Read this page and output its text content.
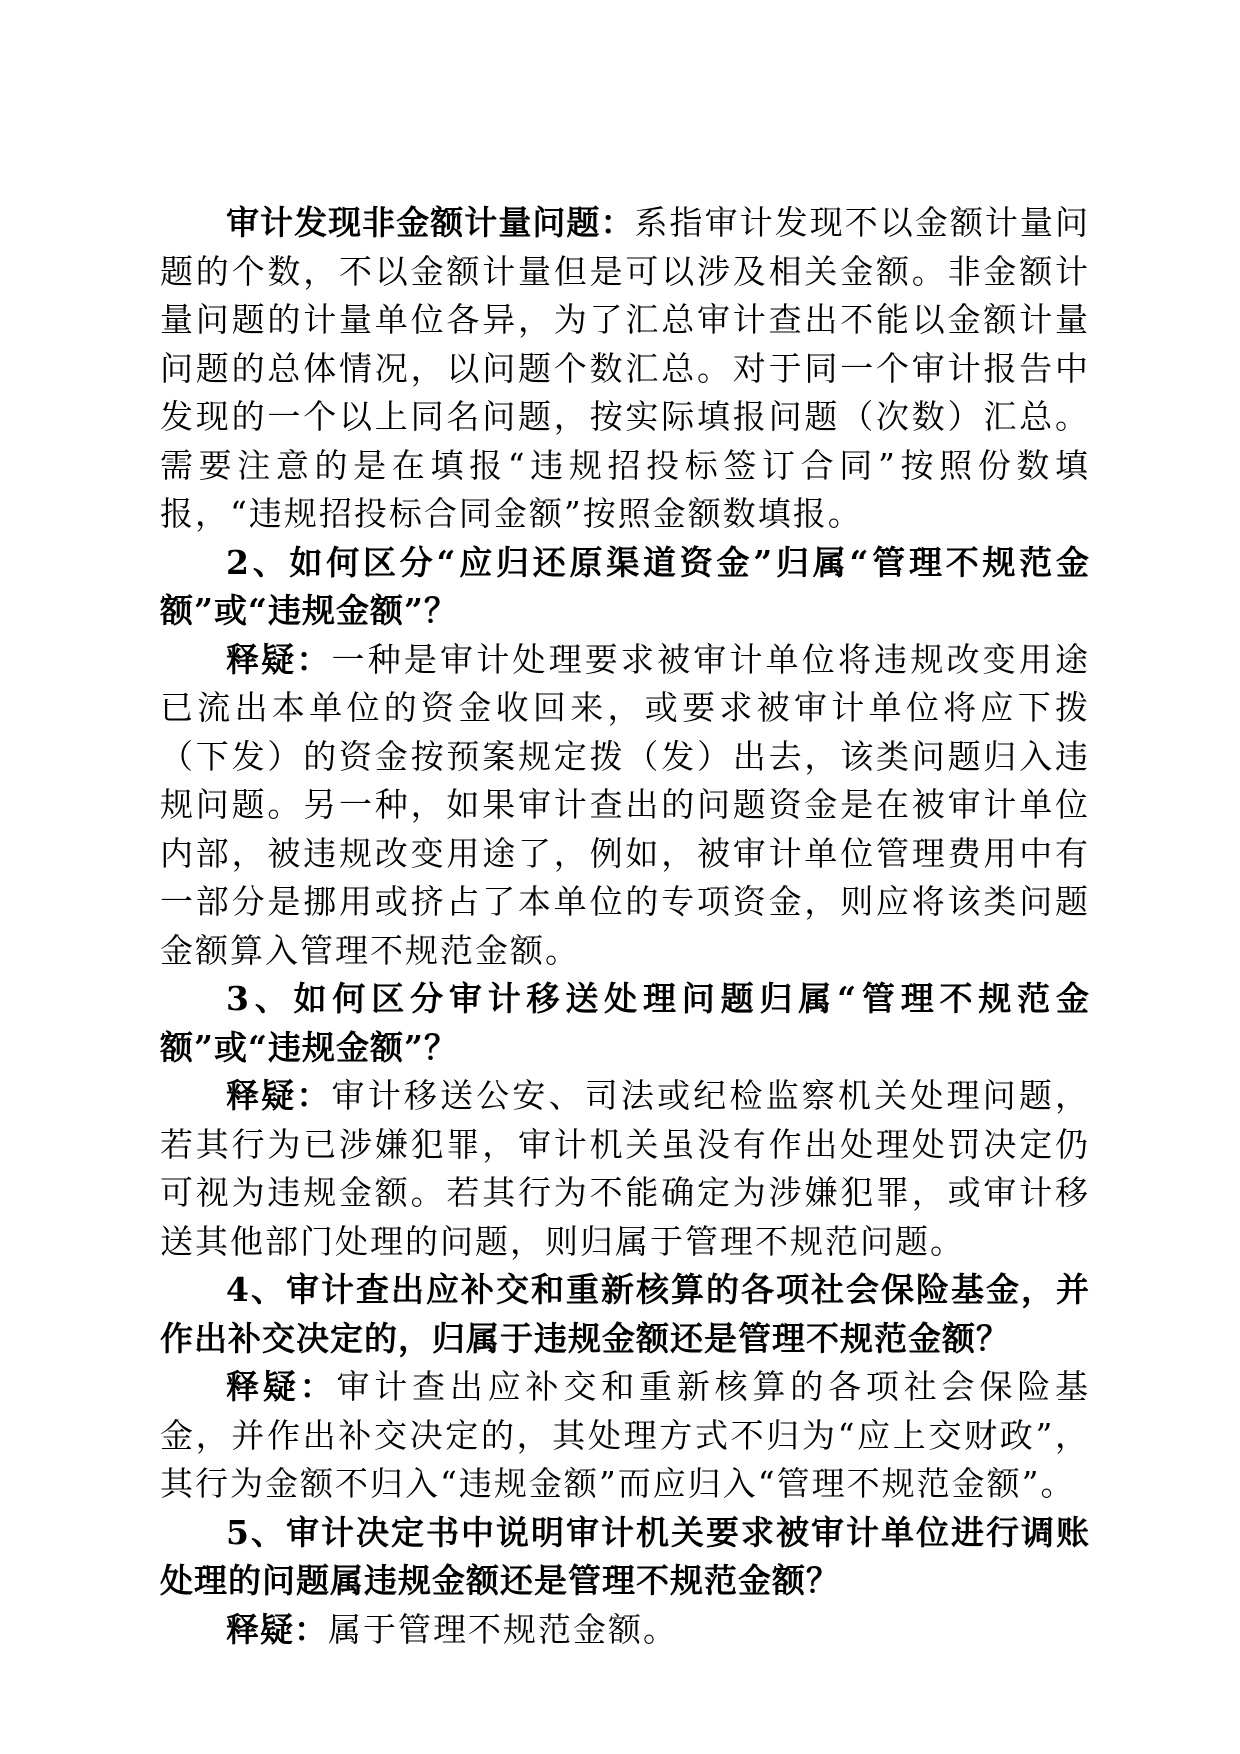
审计发现非金额计量问题：系指审计发现不以金额计量问题的个数，不以金额计量但是可以涉及相关金额。非金额计量问题的计量单位各异，为了汇总审计查出不能以金额计量问题的总体情况，以问题个数汇总。对于同一个审计报告中发现的一个以上同名问题，按实际填报问题（次数）汇总。需要注意的是在填报“违规招投标签订合同”按照份数填报，“违规招投标合同金额”按照金额数填报。

2、如何区分“应归还原渠道资金”归属“管理不规范金额”或“违规金额”？

释疑：一种是审计处理要求被审计单位将违规改变用途已流出本单位的资金收回来，或要求被审计单位将应下拨（下发）的资金按预案规定拨（发）出去，该类问题归入违规问题。另一种，如果审计查出的问题资金是在被审计单位内部，被违规改变用途了，例如，被审计单位管理费用中有一部分是挪用或挤占了本单位的专项资金，则应将该类问题金额算入管理不规范金额。

3、如何区分审计移送处理问题归属“管理不规范金额”或“违规金额”？

释疑：审计移送公安、司法或纪检监察机关处理问题，若其行为已涉嫌犯罪，审计机关虽没有作出处理处罚决定仍可视为违规金额。若其行为不能确定为涉嫌犯罪，或审计移送其他部门处理的问题，则归属于管理不规范问题。

4、审计查出应补交和重新核算的各项社会保险基金，并作出补交决定的，归属于违规金额还是管理不规范金额？

释疑：审计查出应补交和重新核算的各项社会保险基金，并作出补交决定的，其处理方式不归为“应上交财政”，其行为金额不归入“违规金额”而应归入“管理不规范金额”。

5、审计决定书中说明审计机关要求被审计单位进行调账处理的问题属违规金额还是管理不规范金额？

释疑：属于管理不规范金额。
